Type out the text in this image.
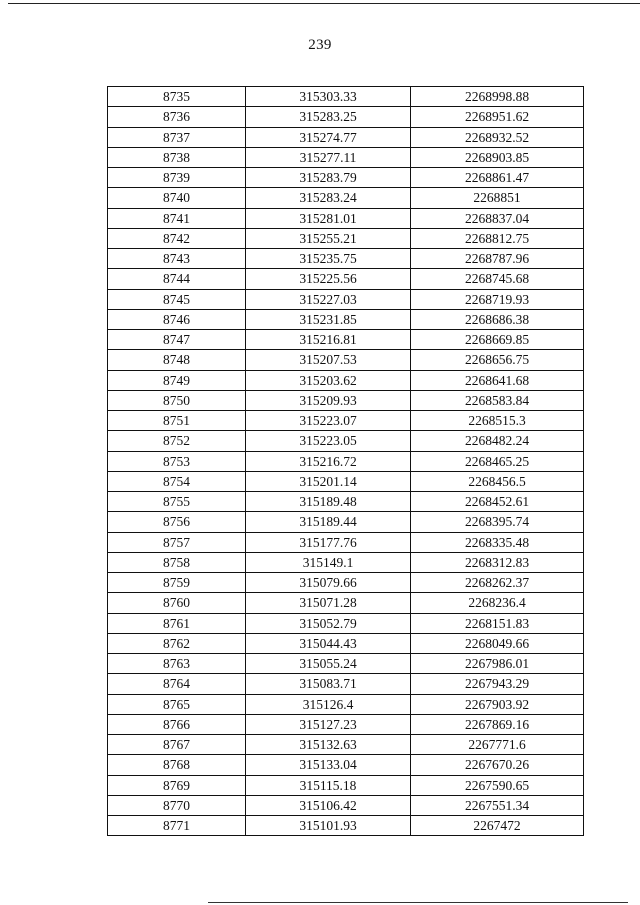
239
8735	315303.33	2268998.88
8736	315283.25	2268951.62
8737	315274.77	2268932.52
8738	315277.11	2268903.85
8739	315283.79	2268861.47
8740	315283.24	2268851
8741	315281.01	2268837.04
8742	315255.21	2268812.75
8743	315235.75	2268787.96
8744	315225.56	2268745.68
8745	315227.03	2268719.93
8746	315231.85	2268686.38
8747	315216.81	2268669.85
8748	315207.53	2268656.75
8749	315203.62	2268641.68
8750	315209.93	2268583.84
8751	315223.07	2268515.3
8752	315223.05	2268482.24
8753	315216.72	2268465.25
8754	315201.14	2268456.5
8755	315189.48	2268452.61
8756	315189.44	2268395.74
8757	315177.76	2268335.48
8758	315149.1	2268312.83
8759	315079.66	2268262.37
8760	315071.28	2268236.4
8761	315052.79	2268151.83
8762	315044.43	2268049.66
8763	315055.24	2267986.01
8764	315083.71	2267943.29
8765	315126.4	2267903.92
8766	315127.23	2267869.16
8767	315132.63	2267771.6
8768	315133.04	2267670.26
8769	315115.18	2267590.65
8770	315106.42	2267551.34
8771	315101.93	2267472
